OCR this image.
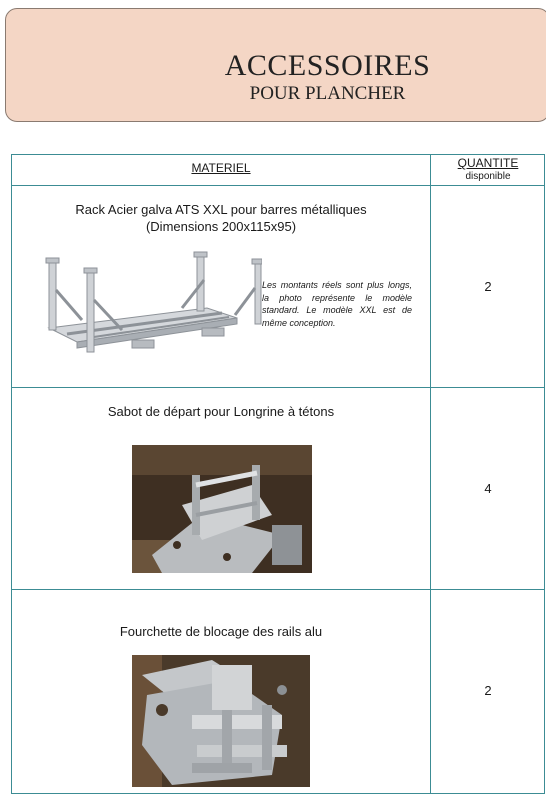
ACCESSOIRES
POUR PLANCHER
MATERIEL	QUANTITE
disponible
Rack Acier galva ATS XXL pour barres métalliques
(Dimensions 200x115x95)
Les montants réels sont plus longs, la photo représente le modèle standard. Le modèle XXL est de même conception.
2
Sabot de départ pour Longrine à tétons
4
Fourchette de blocage des rails alu
2
